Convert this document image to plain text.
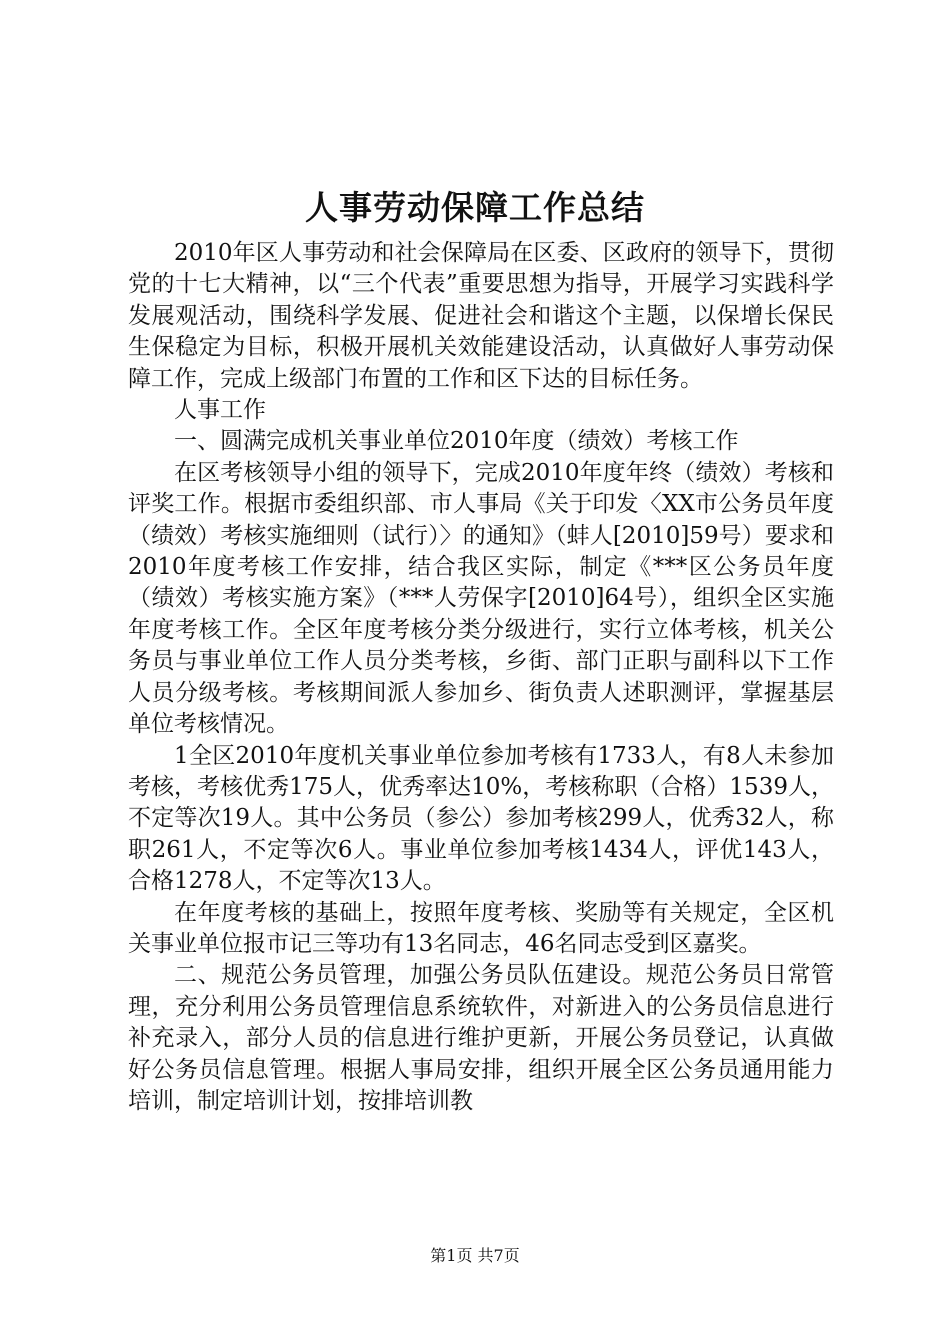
人事劳动保障工作总结

2010年区人事劳动和社会保障局在区委、区政府的领导下，贯彻党的十七大精神，以“三个代表”重要思想为指导，开展学习实践科学发展观活动，围绕科学发展、促进社会和谐这个主题，以保增长保民生保稳定为目标，积极开展机关效能建设活动，认真做好人事劳动保障工作，完成上级部门布置的工作和区下达的目标任务。

人事工作

一、圆满完成机关事业单位2010年度（绩效）考核工作

在区考核领导小组的领导下，完成2010年度年终（绩效）考核和评奖工作。根据市委组织部、市人事局《关于印发〈XX市公务员年度（绩效）考核实施细则（试行）〉的通知》（蚌人[2010]59号）要求和2010年度考核工作安排，结合我区实际，制定《***区公务员年度（绩效）考核实施方案》（***人劳保字[2010]64号），组织全区实施年度考核工作。全区年度考核分类分级进行，实行立体考核，机关公务员与事业单位工作人员分类考核，乡街、部门正职与副科以下工作人员分级考核。考核期间派人参加乡、街负责人述职测评，掌握基层单位考核情况。

1全区2010年度机关事业单位参加考核有1733人，有8人未参加考核，考核优秀175人，优秀率达10%，考核称职（合格）1539人，不定等次19人。其中公务员（参公）参加考核299人，优秀32人，称职261人，不定等次6人。事业单位参加考核1434人，评优143人，合格1278人，不定等次13人。

在年度考核的基础上，按照年度考核、奖励等有关规定，全区机关事业单位报市记三等功有13名同志，46名同志受到区嘉奖。

二、规范公务员管理，加强公务员队伍建设。规范公务员日常管理，充分利用公务员管理信息系统软件，对新进入的公务员信息进行补充录入，部分人员的信息进行维护更新，开展公务员登记，认真做好公务员信息管理。根据人事局安排，组织开展全区公务员通用能力培训，制定培训计划，按排培训教

第1页 共7页
